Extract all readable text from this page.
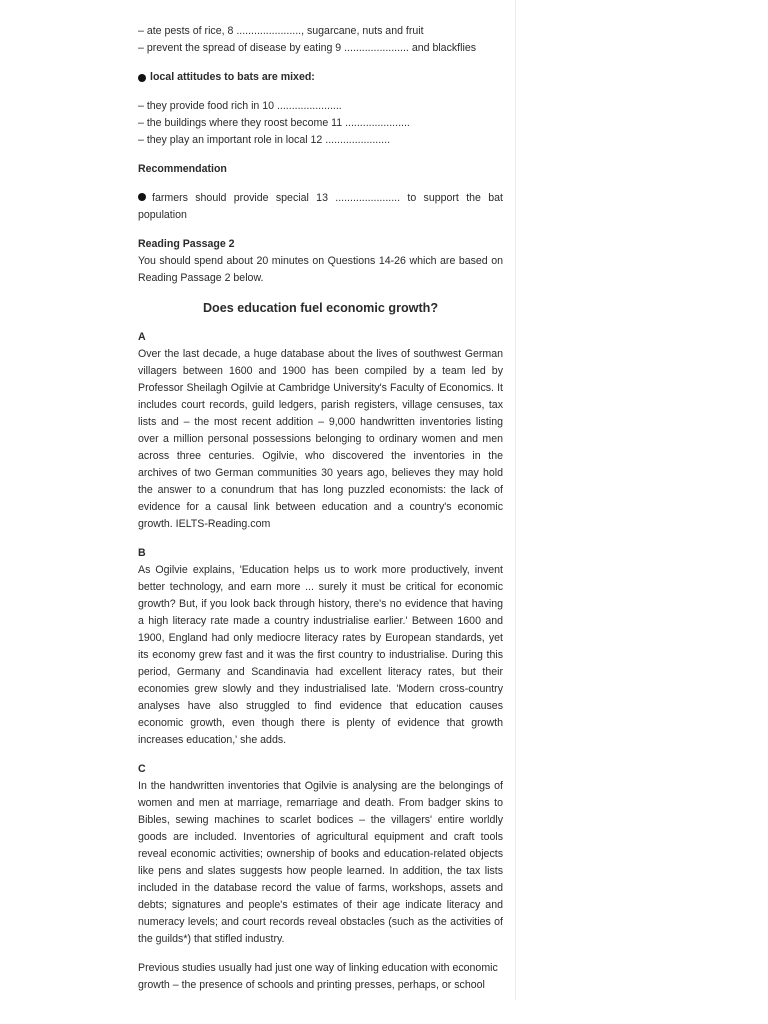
– ate pests of rice, 8 ......................, sugarcane, nuts and fruit

– prevent the spread of disease by eating 9 ...................... and blackflies

local attitudes to bats are mixed:

– they provide food rich in 10 ......................

– the buildings where they roost become 11 ......................

– they play an important role in local 12 ......................

Recommendation

farmers should provide special 13 ...................... to support the bat population

Reading Passage 2

You should spend about 20 minutes on Questions 14-26 which are based on Reading Passage 2 below.

Does education fuel economic growth?

A

Over the last decade, a huge database about the lives of southwest German villagers between 1600 and 1900 has been compiled by a team led by Professor Sheilagh Ogilvie at Cambridge University's Faculty of Economics. It includes court records, guild ledgers, parish registers, village censuses, tax lists and – the most recent addition – 9,000 handwritten inventories listing over a million personal possessions belonging to ordinary women and men across three centuries. Ogilvie, who discovered the inventories in the archives of two German communities 30 years ago, believes they may hold the answer to a conundrum that has long puzzled economists: the lack of evidence for a causal link between education and a country's economic growth. IELTS-Reading.com

B

As Ogilvie explains, 'Education helps us to work more productively, invent better technology, and earn more ... surely it must be critical for economic growth? But, if you look back through history, there's no evidence that having a high literacy rate made a country industrialise earlier.' Between 1600 and 1900, England had only mediocre literacy rates by European standards, yet its economy grew fast and it was the first country to industrialise. During this period, Germany and Scandinavia had excellent literacy rates, but their economies grew slowly and they industrialised late. 'Modern cross-country analyses have also struggled to find evidence that education causes economic growth, even though there is plenty of evidence that growth increases education,' she adds.

C

In the handwritten inventories that Ogilvie is analysing are the belongings of women and men at marriage, remarriage and death. From badger skins to Bibles, sewing machines to scarlet bodices – the villagers' entire worldly goods are included. Inventories of agricultural equipment and craft tools reveal economic activities; ownership of books and education-related objects like pens and slates suggests how people learned. In addition, the tax lists included in the database record the value of farms, workshops, assets and debts; signatures and people's estimates of their age indicate literacy and numeracy levels; and court records reveal obstacles (such as the activities of the guilds*) that stifled industry.

Previous studies usually had just one way of linking education with economic

growth – the presence of schools and printing presses, perhaps, or school
